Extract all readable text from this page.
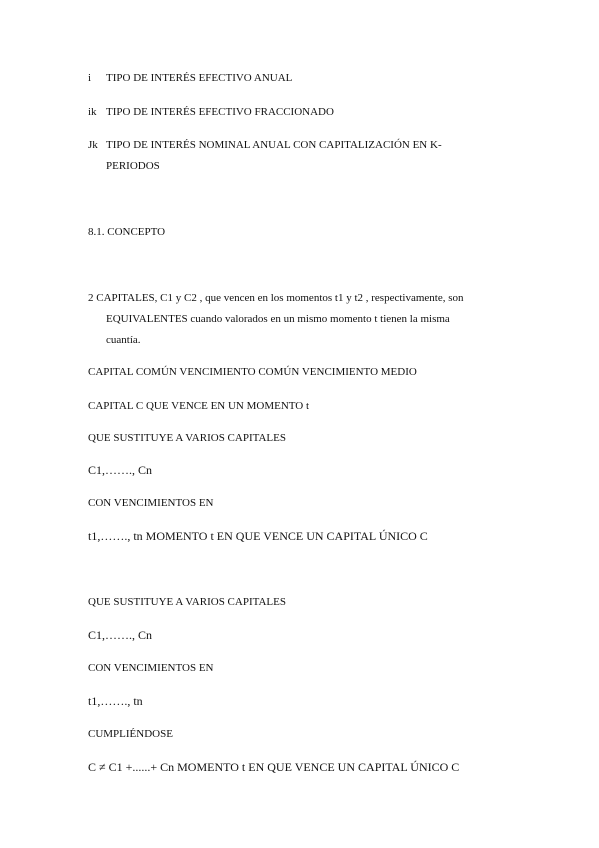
i TIPO DE INTERÉS EFECTIVO ANUAL
ik TIPO DE INTERÉS EFECTIVO FRACCIONADO
Jk TIPO DE INTERÉS NOMINAL ANUAL CON CAPITALIZACIÓN EN K-
PERIODOS
8.1. CONCEPTO
2 CAPITALES, C1 y C2 , que vencen en los momentos t1 y t2 , respectivamente, son
EQUIVALENTES cuando valorados en un mismo momento t tienen la misma
cuantía.
CAPITAL COMÚN VENCIMIENTO COMÚN VENCIMIENTO MEDIO
CAPITAL C QUE VENCE EN UN MOMENTO t
QUE SUSTITUYE A VARIOS CAPITALES
C1,……., Cn
CON VENCIMIENTOS EN
t1,……., tn MOMENTO t EN QUE VENCE UN CAPITAL ÚNICO C
QUE SUSTITUYE A VARIOS CAPITALES
C1,……., Cn
CON VENCIMIENTOS EN
t1,……., tn
CUMPLIÉNDOSE
C ≠ C1 +......+ Cn MOMENTO t EN QUE VENCE UN CAPITAL ÚNICO C
